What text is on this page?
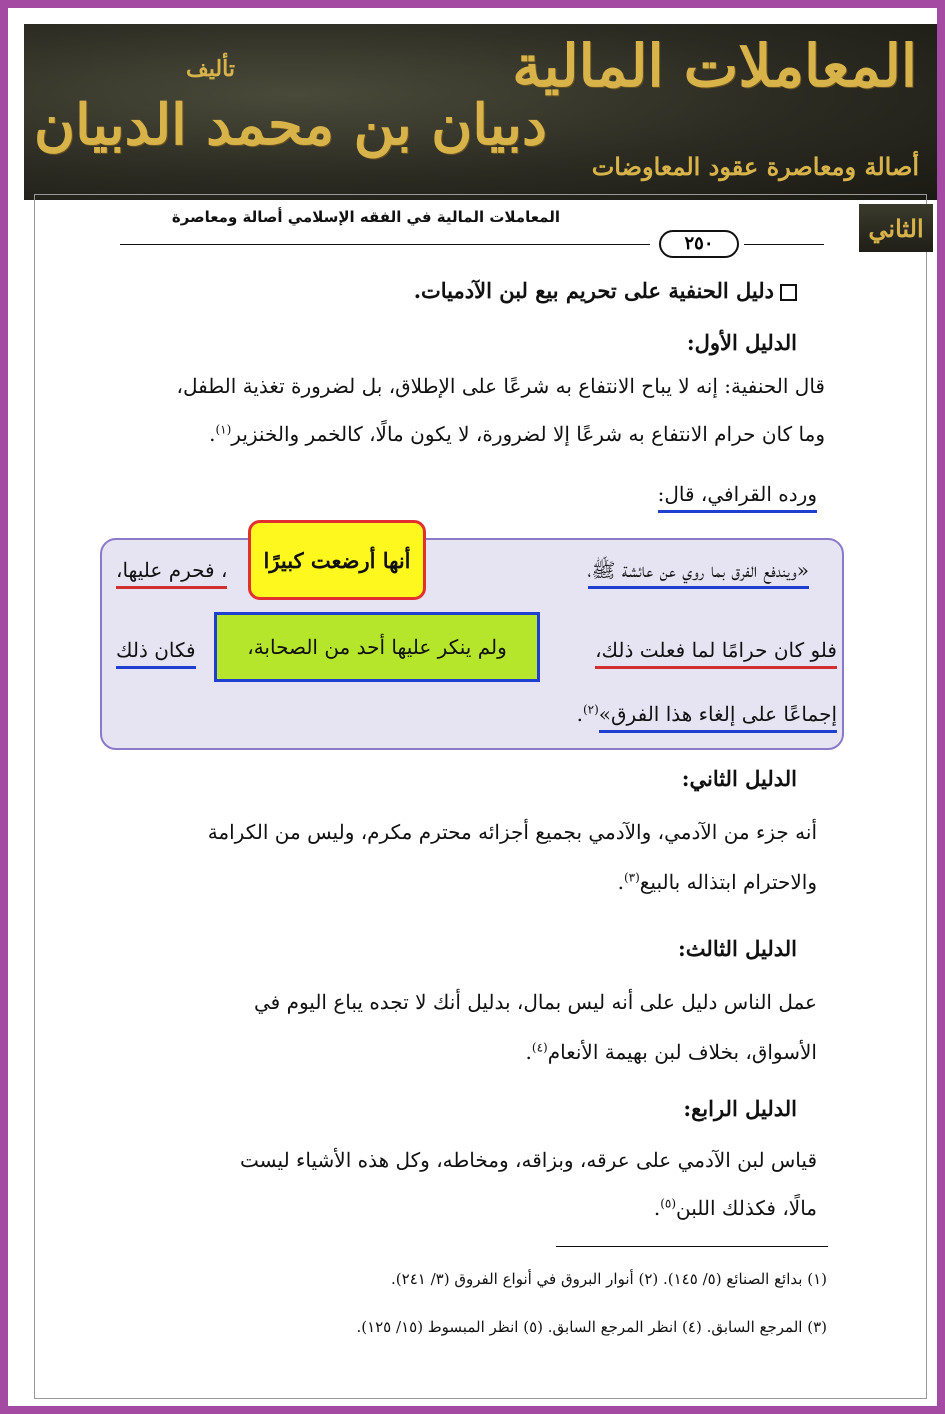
المعاملات المالية
تأليف
دبيان بن محمد الدبيان
أصالة ومعاصرة عقود المعاوضات
الثاني
المعاملات المالية في الفقه الإسلامي أصالة ومعاصرة
٢٥٠
دليل الحنفية على تحريم بيع لبن الآدميات.
الدليل الأول:
قال الحنفية: إنه لا يباح الانتفاع به شرعًا على الإطلاق، بل لضرورة تغذية الطفل،
وما كان حرام الانتفاع به شرعًا إلا لضرورة، لا يكون مالًا، كالخمر والخنزير$^{(١)}$.
ورده القرافي، قال:
«ويندفع الفرق بما روي عن عائشة ﷺ،
أنها أرضعت كبيرًا
، فحرم عليها،
فلو كان حرامًا لما فعلت ذلك،
ولم ينكر عليها أحد من الصحابة،
فكان ذلك
إجماعًا على إلغاء هذا الفرق»$^{(٢)}$.
الدليل الثاني:
أنه جزء من الآدمي، والآدمي بجميع أجزائه محترم مكرم، وليس من الكرامة
والاحترام ابتذاله بالبيع$^{(٣)}$.
الدليل الثالث:
عمل الناس دليل على أنه ليس بمال، بدليل أنك لا تجده يباع اليوم في
الأسواق، بخلاف لبن بهيمة الأنعام$^{(٤)}$.
الدليل الرابع:
قياس لبن الآدمي على عرقه، وبزاقه، ومخاطه، وكل هذه الأشياء ليست
مالًا، فكذلك اللبن$^{(٥)}$.
(١) بدائع الصنائع (٥/ ١٤٥). (٢) أنوار البروق في أنواع الفروق (٣/ ٢٤١).
(٣) المرجع السابق. (٤) انظر المرجع السابق. (٥) انظر المبسوط (١٥/ ١٢٥).
